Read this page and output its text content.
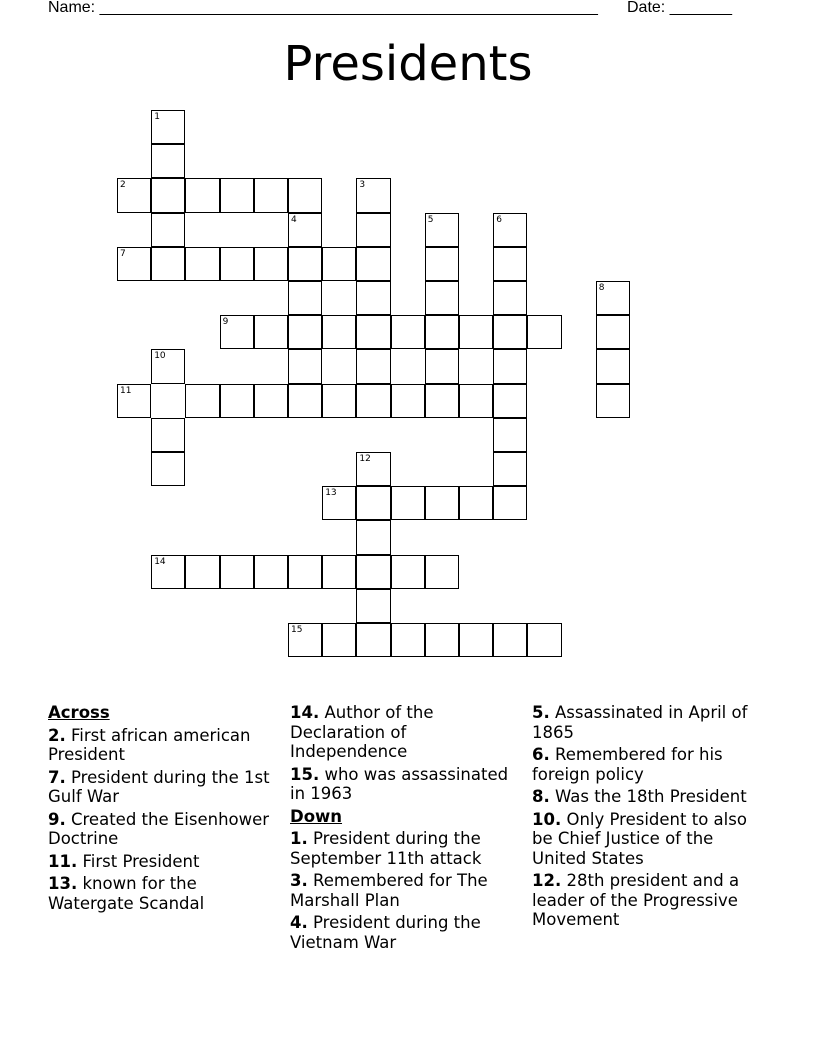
Name: ________________________________________________________ Date: _______
Presidents
1
2
7
9
10
11
13
14
15
3
4	5	6
8
12
Across
2. First african american President
7. President during the 1st Gulf War
9. Created the Eisenhower Doctrine
11. First President
13. known for the Watergate Scandal
14. Author of the Declaration of Independence
15. who was assassinated in 1963
Down
1. President during the September 11th attack
3. Remembered for The Marshall Plan
4. President during the Vietnam War
5. Assassinated in April of 1865
6. Remembered for his foreign policy
8. Was the 18th President
10. Only President to also be Chief Justice of the United States
12. 28th president and a leader of the Progressive Movement
